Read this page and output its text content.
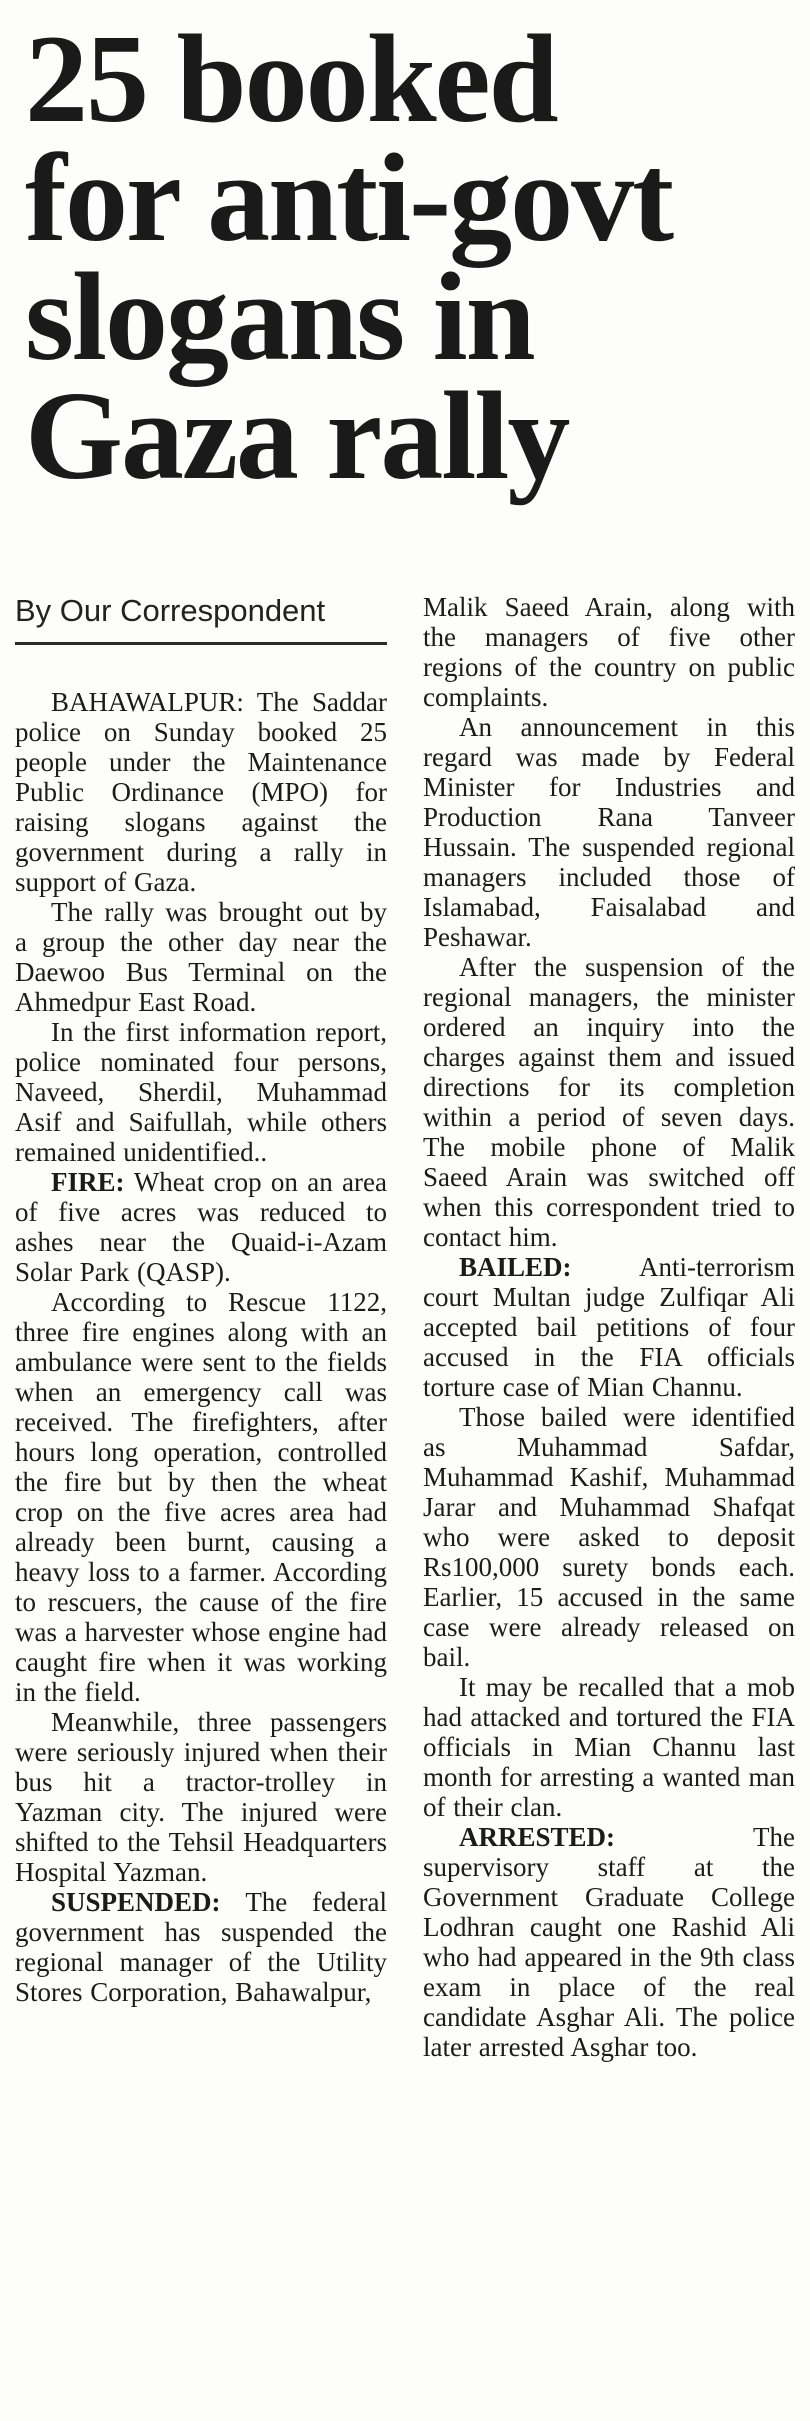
25 booked
for anti-govt
slogans in
Gaza rally
By Our Correspondent

BAHAWALPUR: The Saddar police on Sunday booked 25 people under the Maintenance Public Ordinance (MPO) for raising slogans against the government during a rally in support of Gaza.

The rally was brought out by a group the other day near the Daewoo Bus Terminal on the Ahmedpur East Road.

In the first information report, police nominated four persons, Naveed, Sherdil, Muhammad Asif and Saifullah, while others remained unidentified..

FIRE: Wheat crop on an area of five acres was reduced to ashes near the Quaid-i-Azam Solar Park (QASP).

According to Rescue 1122, three fire engines along with an ambulance were sent to the fields when an emergency call was received. The firefighters, after hours long operation, controlled the fire but by then the wheat crop on the five acres area had already been burnt, causing a heavy loss to a farmer. According to rescuers, the cause of the fire was a harvester whose engine had caught fire when it was working in the field.

Meanwhile, three passengers were seriously injured when their bus hit a tractor-trolley in Yazman city. The injured were shifted to the Tehsil Headquarters Hospital Yazman.

SUSPENDED: The federal government has suspended the regional manager of the Utility Stores Corporation, Bahawalpur,

Malik Saeed Arain, along with the managers of five other regions of the country on public complaints.

An announcement in this regard was made by Federal Minister for Industries and Production Rana Tanveer Hussain. The suspended regional managers included those of Islamabad, Faisalabad and Peshawar.

After the suspension of the regional managers, the minister ordered an inquiry into the charges against them and issued directions for its completion within a period of seven days. The mobile phone of Malik Saeed Arain was switched off when this correspondent tried to contact him.

BAILED: Anti-terrorism court Multan judge Zulfiqar Ali accepted bail petitions of four accused in the FIA officials torture case of Mian Channu.

Those bailed were identified as Muhammad Safdar, Muhammad Kashif, Muhammad Jarar and Muhammad Shafqat who were asked to deposit Rs100,000 surety bonds each. Earlier, 15 accused in the same case were already released on bail.

It may be recalled that a mob had attacked and tortured the FIA officials in Mian Channu last month for arresting a wanted man of their clan.

ARRESTED: The supervisory staff at the Government Graduate College Lodhran caught one Rashid Ali who had appeared in the 9th class exam in place of the real candidate Asghar Ali. The police later arrested Asghar too.
